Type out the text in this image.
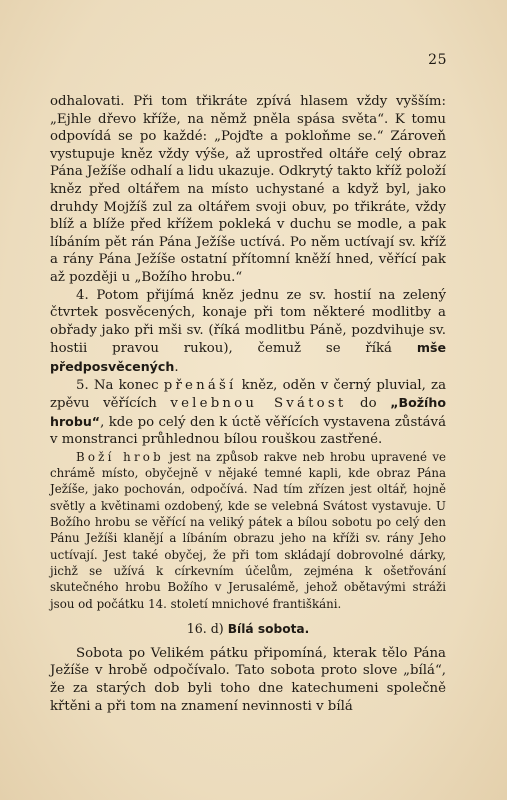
25

odhalovati. Při tom třikráte zpívá hlasem vždy vyšším: „Ejhle dřevo kříže, na němž pněla spása světa“. K tomu odpovídá se po každé: „Pojďte a pokloňme se.“ Zároveň vystupuje kněz vždy výše, až uprostřed oltáře celý obraz Pána Ježíše odhalí a lidu ukazuje. Odkrytý takto kříž položí kněz před oltářem na místo uchystané a když byl, jako druhdy Mojžíš zul za oltářem svoji obuv, po třikráte, vždy blíž a blíže před křížem pokleká v duchu se modle, a pak líbáním pět rán Pána Ježíše uctívá. Po něm uctívají sv. kříž a rány Pána Ježíše ostatní přítomní kněží hned, věřící pak až později u „Božího hrobu.“

4. Potom přijímá kněz jednu ze sv. hostií na zelený čtvrtek posvěcených, konaje při tom některé modlitby a obřady jako při mši sv. (říká modlitbu Páně, pozdvihuje sv. hostii pravou rukou), čemuž se říká mše předposvěcených.

5. Na konec přenáší kněz, oděn v černý pluvial, za zpěvu věřících velebnou Svátost do „Božího hrobu“, kde po celý den k úctě věřících vystavena zůstává v monstranci průhlednou bílou rouškou zastřené.

Boží hrob jest na způsob rakve neb hrobu upravené ve chrámě místo, obyčejně v nějaké temné kapli, kde obraz Pána Ježíše, jako pochován, odpočívá. Nad tím zřízen jest oltář, hojně světly a květinami ozdobený, kde se velebná Svátost vystavuje. U Božího hrobu se věřící na veliký pátek a bílou sobotu po celý den Pánu Ježíši klanějí a líbáním obrazu jeho na kříži sv. rány Jeho uctívají. Jest také obyčej, že při tom skládají dobrovolné dárky, jichž se užívá k církevním účelům, zejména k ošetřování skutečného hrobu Božího v Jerusalémě, jehož obětavými stráži jsou od počátku 14. století mnichové františkáni.

16. d) Bílá sobota.

Sobota po Velikém pátku připomíná, kterak tělo Pána Ježíše v hrobě odpočívalo. Tato sobota proto slove „bílá“, že za starých dob byli toho dne katechumeni společně křtěni a při tom na znamení nevinnosti v bílá
